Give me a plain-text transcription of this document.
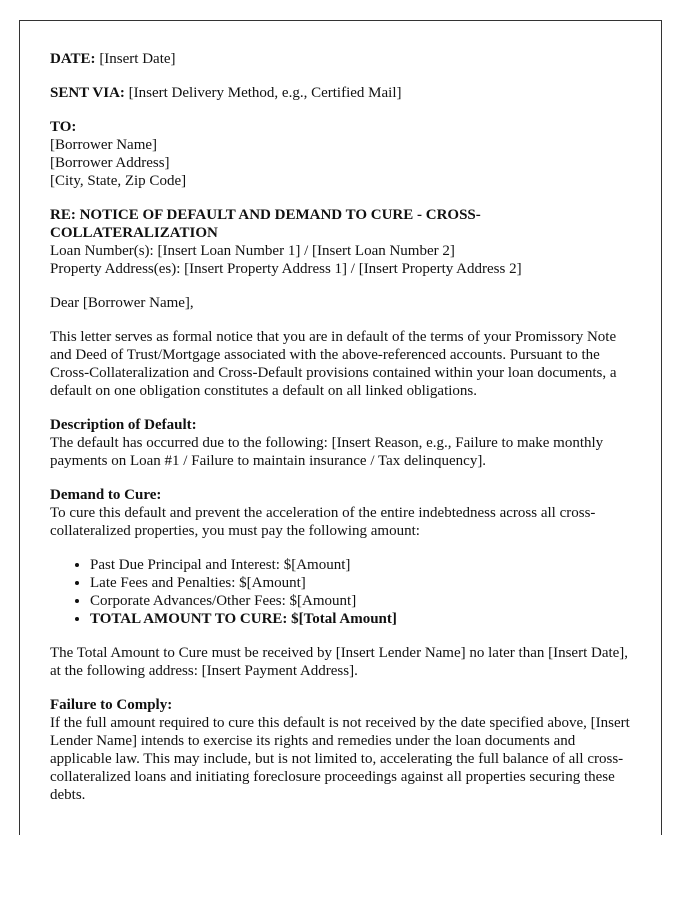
DATE: [Insert Date]

SENT VIA: [Insert Delivery Method, e.g., Certified Mail]

TO:
[Borrower Name]
[Borrower Address]
[City, State, Zip Code]

RE: NOTICE OF DEFAULT AND DEMAND TO CURE - CROSS-COLLATERALIZATION
Loan Number(s): [Insert Loan Number 1] / [Insert Loan Number 2]
Property Address(es): [Insert Property Address 1] / [Insert Property Address 2]

Dear [Borrower Name],

This letter serves as formal notice that you are in default of the terms of your Promissory Note and Deed of Trust/Mortgage associated with the above-referenced accounts. Pursuant to the Cross-Collateralization and Cross-Default provisions contained within your loan documents, a default on one obligation constitutes a default on all linked obligations.

Description of Default:
The default has occurred due to the following: [Insert Reason, e.g., Failure to make monthly payments on Loan #1 / Failure to maintain insurance / Tax delinquency].

Demand to Cure:
To cure this default and prevent the acceleration of the entire indebtedness across all cross-collateralized properties, you must pay the following amount:

• Past Due Principal and Interest: $[Amount]
• Late Fees and Penalties: $[Amount]
• Corporate Advances/Other Fees: $[Amount]
• TOTAL AMOUNT TO CURE: $[Total Amount]

The Total Amount to Cure must be received by [Insert Lender Name] no later than [Insert Date], at the following address: [Insert Payment Address].

Failure to Comply:
If the full amount required to cure this default is not received by the date specified above, [Insert Lender Name] intends to exercise its rights and remedies under the loan documents and applicable law. This may include, but is not limited to, accelerating the full balance of all cross-collateralized loans and initiating foreclosure proceedings against all properties securing these debts.
